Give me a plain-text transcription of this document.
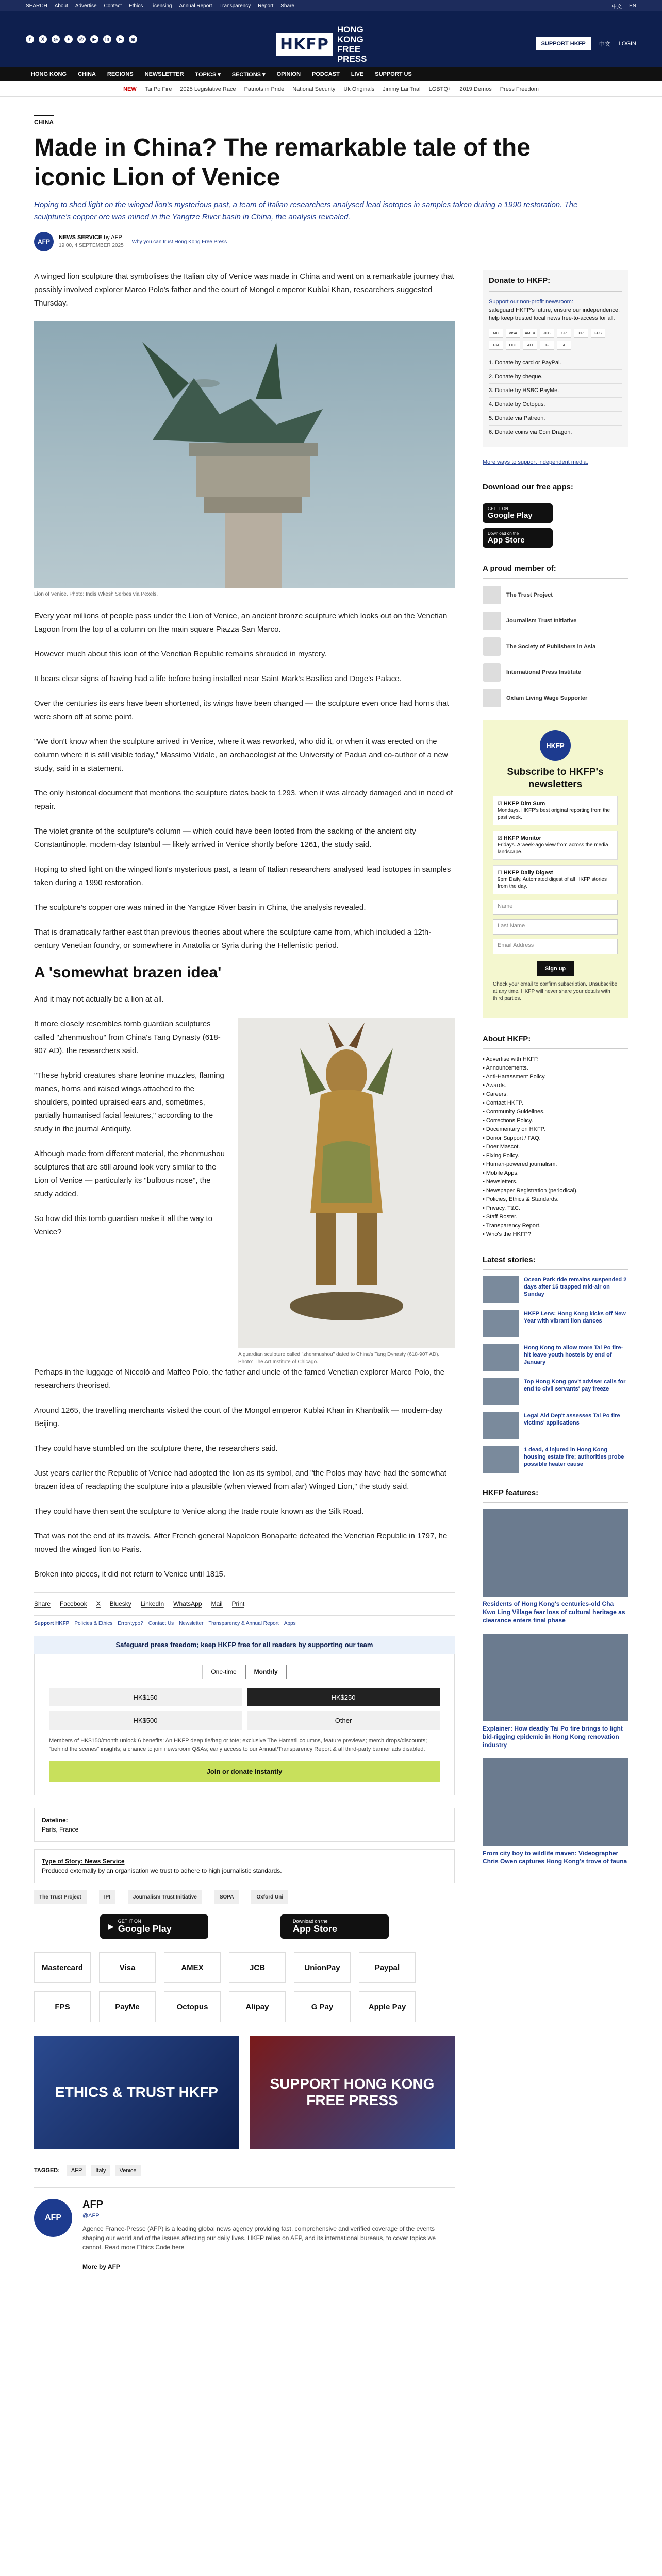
SEARCH About Advertise Contact Ethics Licensing Annual Report Transparency Report Share	中文 EN
f	X	◎	✦	@	▶	in	➤	◉	HKFP
HONG KONG FREE PRESS
SUPPORT HKFP	中文 LOGIN
HONG KONG CHINA REGIONS NEWSLETTER TOPICS ▾ SECTIONS ▾ OPINION PODCAST LIVE SUPPORT US
NEW Tai Po Fire 2025 Legislative Race Patriots in Pride National Security Uk Originals Jimmy Lai Trial LGBTQ+ 2019 Demos Press Freedom
CHINA
Made in China? The remarkable tale of the iconic Lion of Venice

Hoping to shed light on the winged lion's mysterious past, a team of Italian researchers analysed lead isotopes in samples taken during a 1990 restoration. The sculpture's copper ore was mined in the Yangtze River basin in China, the analysis revealed.

AFP
NEWS SERVICE by AFP
19:00, 4 SEPTEMBER 2025
Why you can trust Hong Kong Free Press

A winged lion sculpture that symbolises the Italian city of Venice was made in China and went on a remarkable journey that possibly involved explorer Marco Polo's father and the court of Mongol emperor Kublai Khan, researchers suggested Thursday.

Lion of Venice. Photo: Indis Wkesh Serbes via Pexels.

Every year millions of people pass under the Lion of Venice, an ancient bronze sculpture which looks out on the Venetian Lagoon from the top of a column on the main square Piazza San Marco.

However much about this icon of the Venetian Republic remains shrouded in mystery.

It bears clear signs of having had a life before being installed near Saint Mark's Basilica and Doge's Palace.

Over the centuries its ears have been shortened, its wings have been changed — the sculpture even once had horns that were shorn off at some point.

"We don't know when the sculpture arrived in Venice, where it was reworked, who did it, or when it was erected on the column where it is still visible today," Massimo Vidale, an archaeologist at the University of Padua and co-author of a new study, said in a statement.

The only historical document that mentions the sculpture dates back to 1293, when it was already damaged and in need of repair.

The violet granite of the sculpture's column — which could have been looted from the sacking of the ancient city Constantinople, modern-day Istanbul — likely arrived in Venice shortly before 1261, the study said.

Hoping to shed light on the winged lion's mysterious past, a team of Italian researchers analysed lead isotopes in samples taken during a 1990 restoration.

The sculpture's copper ore was mined in the Yangtze River basin in China, the analysis revealed.

That is dramatically farther east than previous theories about where the sculpture came from, which included a 12th-century Venetian foundry, or somewhere in Anatolia or Syria during the Hellenistic period.

A 'somewhat brazen idea'

And it may not actually be a lion at all.

It more closely resembles tomb guardian sculptures called "zhenmushou" from China's Tang Dynasty (618-907 AD), the researchers said.

"These hybrid creatures share leonine muzzles, flaming manes, horns and raised wings attached to the shoulders, pointed upraised ears and, sometimes, partially humanised facial features," according to the study in the journal Antiquity.

Although made from different material, the zhenmushou sculptures that are still around look very similar to the Lion of Venice — particularly its "bulbous nose", the study added.

So how did this tomb guardian make it all the way to Venice?

A guardian sculpture called "zhenmushou" dated to China's Tang Dynasty (618-907 AD). Photo: The Art Institute of Chicago.

Perhaps in the luggage of Niccolò and Maffeo Polo, the father and uncle of the famed Venetian explorer Marco Polo, the researchers theorised.

Around 1265, the travelling merchants visited the court of the Mongol emperor Kublai Khan in Khanbalik — modern-day Beijing.

They could have stumbled on the sculpture there, the researchers said.

Just years earlier the Republic of Venice had adopted the lion as its symbol, and "the Polos may have had the somewhat brazen idea of readapting the sculpture into a plausible (when viewed from afar) Winged Lion," the study said.

They could have then sent the sculpture to Venice along the trade route known as the Silk Road.

That was not the end of its travels. After French general Napoleon Bonaparte defeated the Venetian Republic in 1797, he moved the winged lion to Paris.

Broken into pieces, it did not return to Venice until 1815.

Share Facebook X Bluesky LinkedIn WhatsApp Mail Print
Support HKFP Policies & Ethics Error/typo? Contact Us Newsletter Transparency & Annual Report Apps
Safeguard press freedom; keep HKFP free for all readers by supporting our team
One-time	Monthly
HK$150	HK$250
HK$500	Other
Members of HK$150/month unlock 6 benefits: An HKFP deep tie/bag or tote; exclusive The Hamatil columns, feature previews; merch drops/discounts; "behind the scenes" insights; a chance to join newsroom Q&As; early access to our Annual/Transparency Report & all third-party banner ads disabled.
Join or donate instantly
Dateline:
Paris, France
Type of Story: News Service
Produced externally by an organisation we trust to adhere to high journalistic standards.
The Trust Project	IPI	Journalism Trust Initiative	SOPA	Oxford Uni
▶
GET IT ON
Google Play
Download on the
App Store
Mastercard	Visa	AMEX	JCB	UnionPay	Paypal
FPS	PayMe	Octopus	Alipay	G Pay	Apple Pay
ETHICS & TRUST HKFP
SUPPORT HONG KONG FREE PRESS
TAGGED:	AFP	Italy	Venice
AFP
AFP
@AFP

Agence France-Presse (AFP) is a leading global news agency providing fast, comprehensive and verified coverage of the events shaping our world and of the issues affecting our daily lives. HKFP relies on AFP, and its international bureaus, to cover topics we cannot. Read more Ethics Code here

More by AFP
Donate to HKFP:
Support our non-profit newsroom:
safeguard HKFP's future, ensure our independence, help keep trusted local news free-to-access for all.
MC	VISA	AMEX	JCB	UP	PP	FPS
PM	OCT	ALI	G	A
1. Donate by card or PayPal.
2. Donate by cheque.
3. Donate by HSBC PayMe.
4. Donate by Octopus.
5. Donate via Patreon.
6. Donate coins via Coin Dragon.
More ways to support independent media.
Download our free apps:
GET IT ON
Google Play
Download on the
App Store
A proud member of:
The Trust Project
Journalism Trust Initiative
The Society of Publishers in Asia
International Press Institute
Oxfam Living Wage Supporter
HKFP
Subscribe to HKFP's newsletters
☑ HKFP Dim Sum
Mondays. HKFP's best original reporting from the past week.
☑ HKFP Monitor
Fridays. A week-ago view from across the media landscape.
☐ HKFP Daily Digest
9pm Daily. Automated digest of all HKFP stories from the day.
Name
Last Name
Email Address
Sign up
Check your email to confirm subscription. Unsubscribe at any time. HKFP will never share your details with third parties.
About HKFP:
• Advertise with HKFP.
• Announcements.
• Anti-Harassment Policy.
• Awards.
• Careers.
• Contact HKFP.
• Community Guidelines.
• Corrections Policy.
• Documentary on HKFP.
• Donor Support / FAQ.
• Doer Mascot.
• Fixing Policy.
• Human-powered journalism.
• Mobile Apps.
• Newsletters.
• Newspaper Registration (periodical).
• Policies, Ethics & Standards.
• Privacy, T&C.
• Staff Roster.
• Transparency Report.
• Who's the HKFP?
Latest stories:
Ocean Park ride remains suspended 2 days after 15 trapped mid-air on Sunday
HKFP Lens: Hong Kong kicks off New Year with vibrant lion dances
Hong Kong to allow more Tai Po fire-hit leave youth hostels by end of January
Top Hong Kong gov't adviser calls for end to civil servants' pay freeze
Legal Aid Dep't assesses Tai Po fire victims' applications
1 dead, 4 injured in Hong Kong housing estate fire; authorities probe possible heater cause
HKFP features:
Residents of Hong Kong's centuries-old Cha Kwo Ling Village fear loss of cultural heritage as clearance enters final phase
Explainer: How deadly Tai Po fire brings to light bid-rigging epidemic in Hong Kong renovation industry
From city boy to wildlife maven: Videographer Chris Owen captures Hong Kong's trove of fauna
